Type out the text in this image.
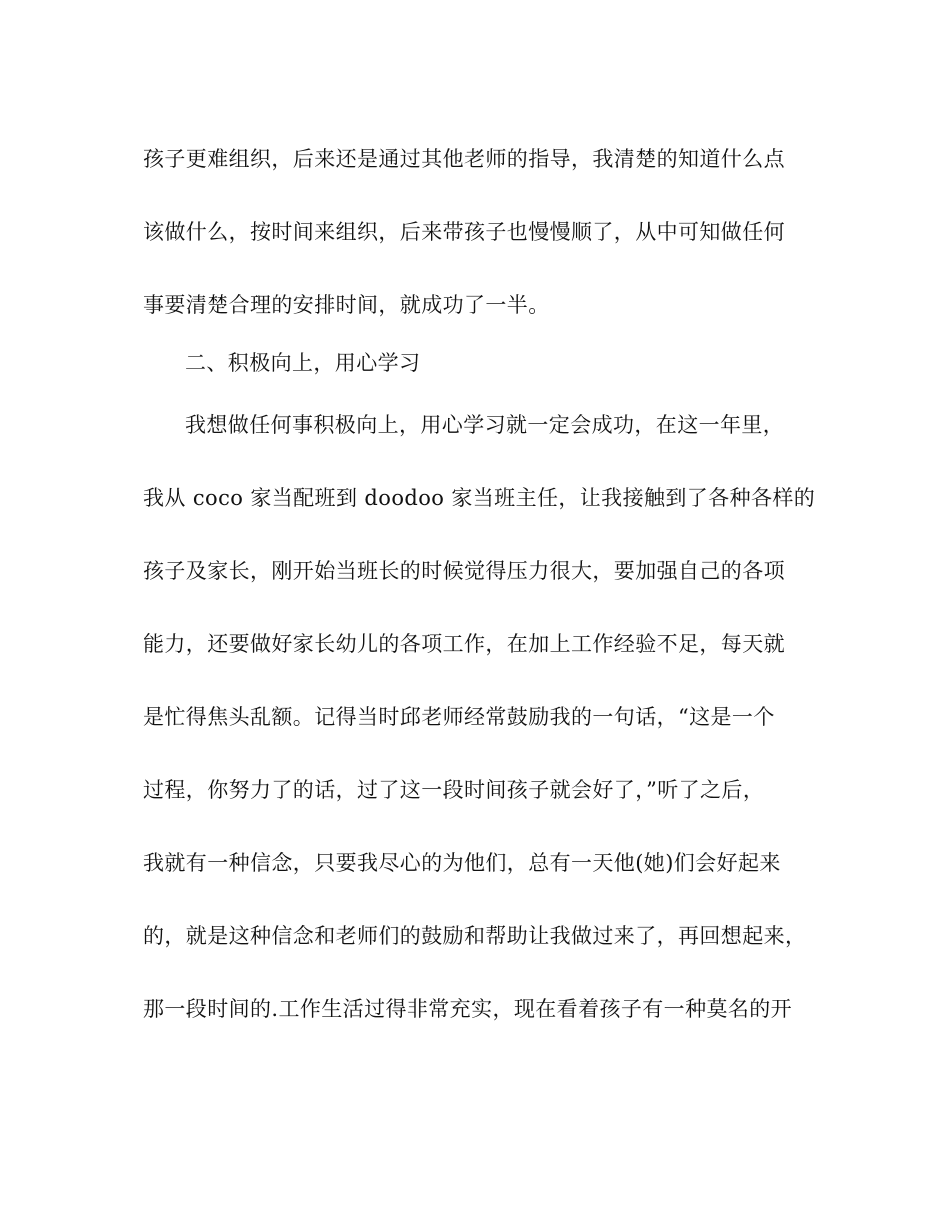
孩子更难组织，后来还是通过其他老师的指导，我清楚的知道什么点
该做什么，按时间来组织，后来带孩子也慢慢顺了，从中可知做任何
事要清楚合理的安排时间，就成功了一半。
二、积极向上，用心学习
我想做任何事积极向上，用心学习就一定会成功，在这一年里，
我从 coco 家当配班到 doodoo 家当班主任，让我接触到了各种各样的
孩子及家长，刚开始当班长的时候觉得压力很大，要加强自己的各项
能力，还要做好家长幼儿的各项工作，在加上工作经验不足，每天就
是忙得焦头乱额。记得当时邱老师经常鼓励我的一句话，“这是一个
过程，你努力了的话，过了这一段时间孩子就会好了，”听了之后，
我就有一种信念，只要我尽心的为他们，总有一天他(她)们会好起来
的，就是这种信念和老师们的鼓励和帮助让我做过来了，再回想起来，
那一段时间的.工作生活过得非常充实，现在看着孩子有一种莫名的开
